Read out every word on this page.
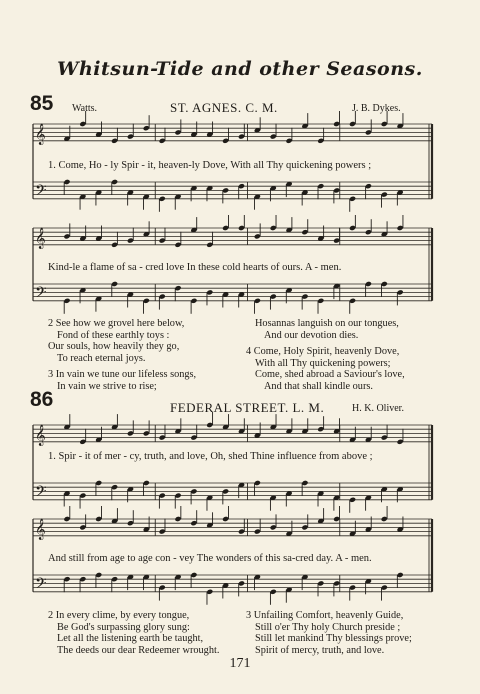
𝄞
𝄢
𝄞
𝄢
𝄞
𝄢
𝄞
𝄢
Whitsun-Tide and other Seasons.
85 Watts.	ST. AGNES. C. M.	J. B. Dykes.
1. Come, Ho - ly Spir - it, heaven-ly Dove, With all Thy quickening powers ;
Kind-le a flame of sa - cred love In these cold hearts of ours. A - men.
2 See how we grovel here below,
Fond of these earthly toys :
Our souls, how heavily they go,
To reach eternal joys.
3 In vain we tune our lifeless songs,
In vain we strive to rise;
Hosannas languish on our tongues,
And our devotion dies.
4 Come, Holy Spirit, heavenly Dove,
With all Thy quickening powers;
Come, shed abroad a Saviour's love,
And that shall kindle ours.
86	FEDERAL STREET. L. M.	H. K. Oliver.
1. Spir - it of mer - cy, truth, and love, Oh, shed Thine influence from above ;
And still from age to age con - vey The wonders of this sa-cred day. A - men.
2 In every clime, by every tongue,
Be God's surpassing glory sung:
Let all the listening earth be taught,
The deeds our dear Redeemer wrought.
3 Unfailing Comfort, heavenly Guide,
Still o'er Thy holy Church preside ;
Still let mankind Thy blessings prove;
Spirit of mercy, truth, and love.
171
